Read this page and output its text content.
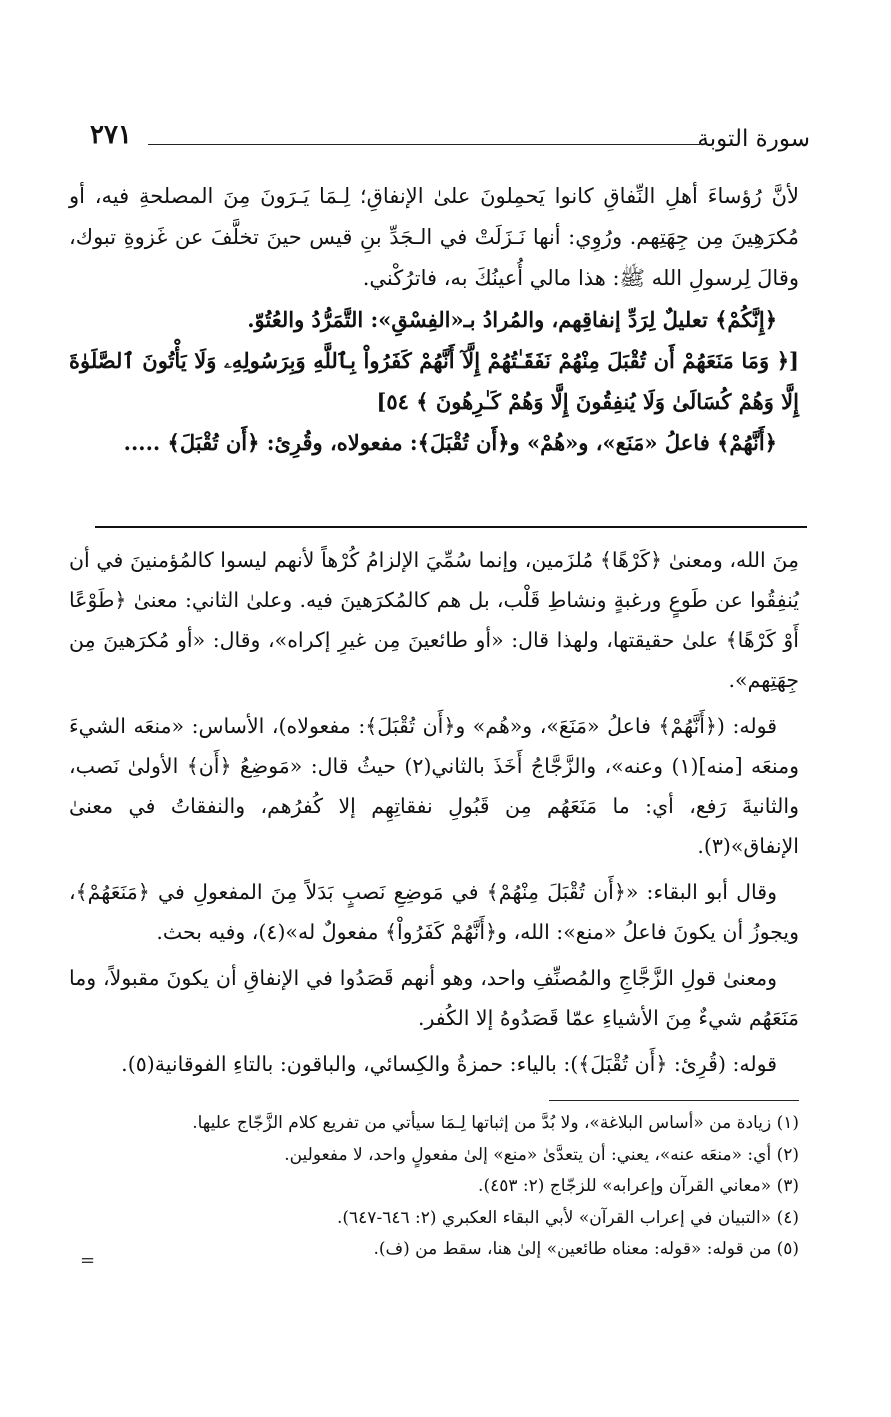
٢٧١	سورة التوبة

لأنَّ رُؤساءَ أهلِ النِّفاقِ كانوا يَحمِلونَ علىٰ الإنفاقِ؛ لِـمَا يَـرَونَ مِنَ المصلحةِ فيه، أو مُكرَهِينَ مِن جِهَتِهم. ورُوِي: أنها نَـزَلَتْ في الـجَدِّ بنِ قيس حينَ تخلَّفَ عن غَزوةِ تبوك، وقالَ لِرسولِ الله ﷺ: هذا مالي أُعينُكَ به، فاترُكْني.

﴿إِنَّكُمْ﴾ تعليلٌ لِرَدِّ إنفاقِهم، والمُرادُ بـ«الفِسْقِ»: التَّمَرُّدُ والعُتُوّ.

[﴿ وَمَا مَنَعَهُمْ أَن تُقْبَلَ مِنْهُمْ نَفَقَـٰتُهُمْ إِلَّآ أَنَّهُمْ كَفَرُواْ بِٱللَّهِ وَبِرَسُولِهِۦ وَلَا يَأْتُونَ ٱلصَّلَوٰةَ إِلَّا وَهُمْ كُسَالَىٰ وَلَا يُنفِقُونَ إِلَّا وَهُمْ كَـٰرِهُونَ ﴾ ٥٤]

﴿أَنَّهُمْ﴾ فاعلُ «مَنَع»، و«هُمْ» و﴿أَن تُقْبَلَ﴾: مفعولاه، وقُرِئ: ﴿أَن تُقْبَلَ﴾ .....

مِنَ الله، ومعنىٰ ﴿كَرْهًا﴾ مُلزَمين، وإنما سُمِّيَ الإلزامُ كُرْهاً لأنهم ليسوا كالمُؤمنينَ في أن يُنفِقُوا عن طَوعٍ ورغبةٍ ونشاطِ قَلْب، بل هم كالمُكرَهينَ فيه. وعلىٰ الثاني: معنىٰ ﴿طَوْعًا أَوْ كَرْهًا﴾ علىٰ حقيقتها، ولهذا قال: «أو طائعينَ مِن غيرِ إكراه»، وقال: «أو مُكرَهينَ مِن جِهَتِهم».

قوله: (﴿أَنَّهُمْ﴾ فاعلُ «مَنَعَ»، و«هُم» و﴿أَن تُقْبَلَ﴾: مفعولاه)، الأساس: «منعَه الشيءَ ومنعَه [منه](١) وعنه»، والزَّجَّاجُ أَخَذَ بالثاني(٢) حيثُ قال: «مَوضِعُ ﴿أَن﴾ الأولىٰ نَصب، والثانيةَ رَفع، أي: ما مَنَعَهُم مِن قَبُولِ نفقاتِهِم إلا كُفرُهم، والنفقاتُ في معنىٰ الإنفاق»(٣).

وقال أبو البقاء: «﴿أَن تُقْبَلَ مِنْهُمْ﴾ في مَوضِعِ نَصبٍ بَدَلاً مِنَ المفعولِ في ﴿مَنَعَهُمْ﴾، ويجوزُ أن يكونَ فاعلُ «منع»: الله، و﴿أَنَّهُمْ كَفَرُواْ﴾ مفعولٌ له»(٤)، وفيه بحث.

ومعنىٰ قولِ الزَّجَّاجِ والمُصنِّفِ واحد، وهو أنهم قَصَدُوا في الإنفاقِ أن يكونَ مقبولاً، وما مَنَعَهُم شيءٌ مِنَ الأشياءِ عمّا قَصَدُوهُ إلا الكُفر.

قوله: (قُرِئ: ﴿أَن تُقْبَلَ﴾): بالياء: حمزةُ والكِسائي، والباقون: بالتاءِ الفوقانية(٥).

(١) زيادة من «أساس البلاغة»، ولا بُدَّ من إثباتها لِـمَا سيأتي من تفريع كلام الزَّجّاج عليها.
(٢) أي: «منعَه عنه»، يعني: أن يتعدَّىٰ «منع» إلىٰ مفعولٍ واحد، لا مفعولين.
(٣) «معاني القرآن وإعرابه» للزجّاج (٢: ٤٥٣).
(٤) «التبيان في إعراب القرآن» لأبي البقاء العكبري (٢: ٦٤٦-٦٤٧).
(٥) من قوله: «قوله: معناه طائعين» إلىٰ هنا، سقط من (ف).
=
